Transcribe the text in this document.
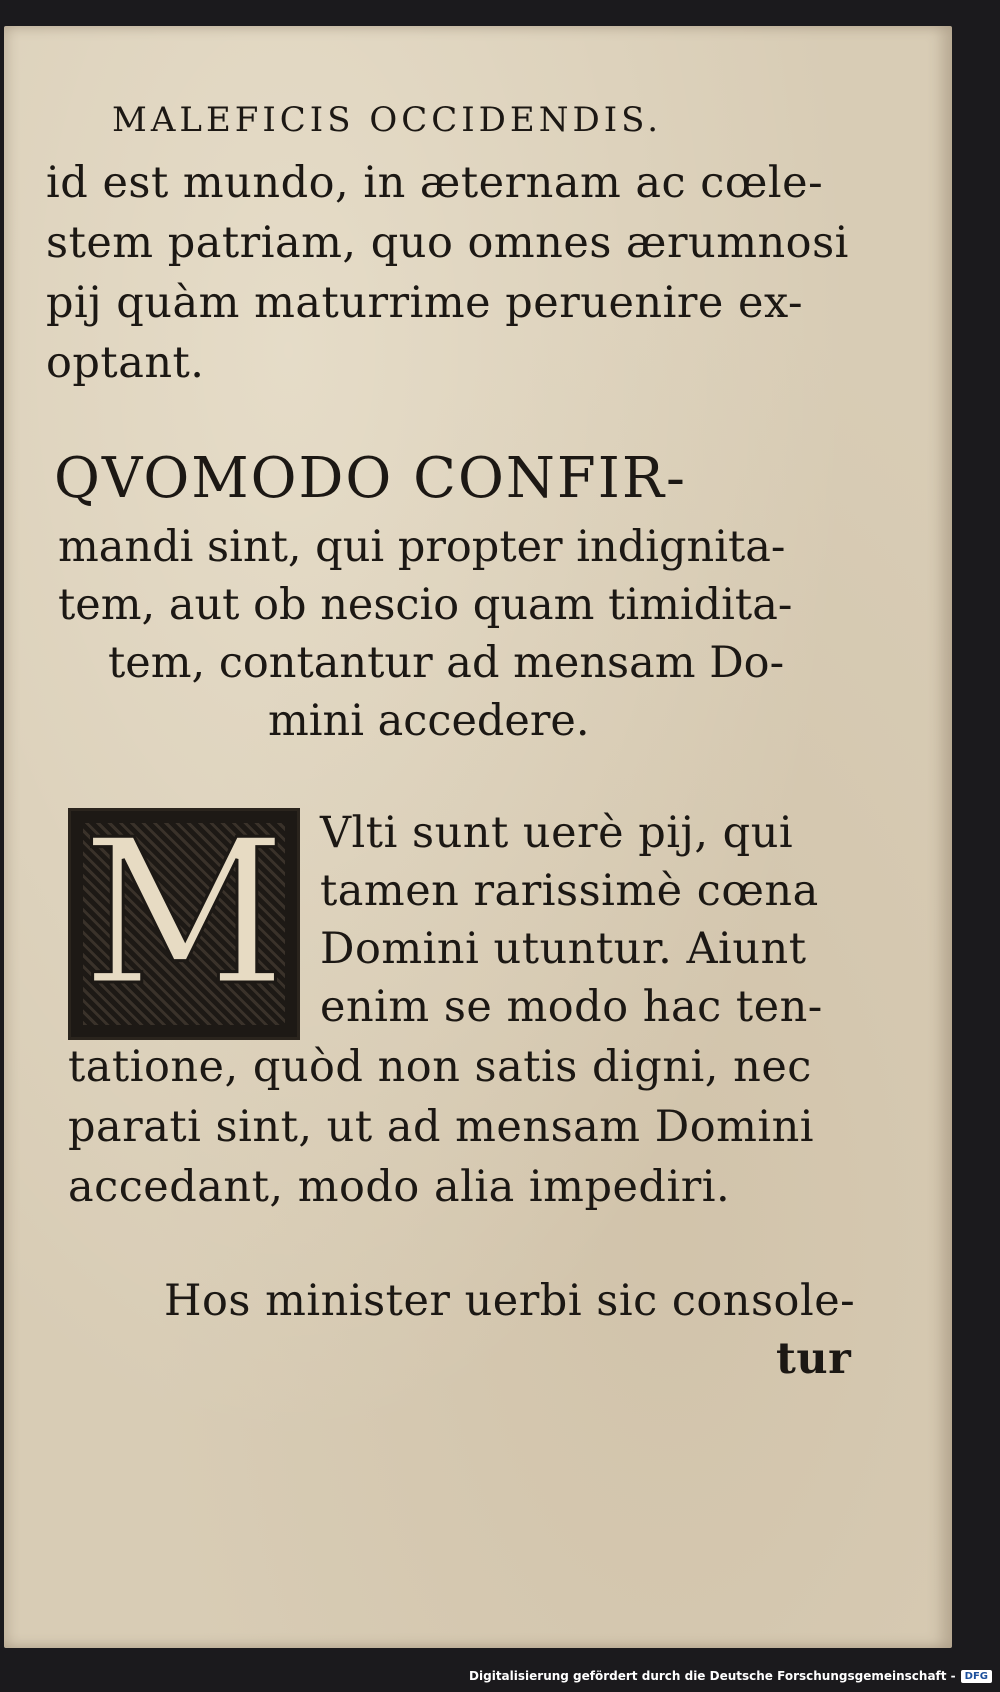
MALEFICIS OCCIDENDIS.
id est mundo, in æternam ac cœle-
stem patriam, quo omnes ærumnosi
pij quàm maturrime peruenire ex-
optant.
QVOMODO CONFIR-
mandi sint, qui propter indignita-
tem, aut ob nescio quam timidita-
tem, contantur ad mensam Do-
mini accedere.
M Vlti sunt uerè pij, qui
tamen rarissimè cœna
Domini utuntur. Aiunt
enim se modo hac ten-
tatione, quòd non satis digni, nec
parati sint, ut ad mensam Domini
accedant, modo alia impediri.
Hos minister uerbi sic console-
tur
Digitalisierung gefördert durch die Deutsche Forschungsgemeinschaft - DFG
